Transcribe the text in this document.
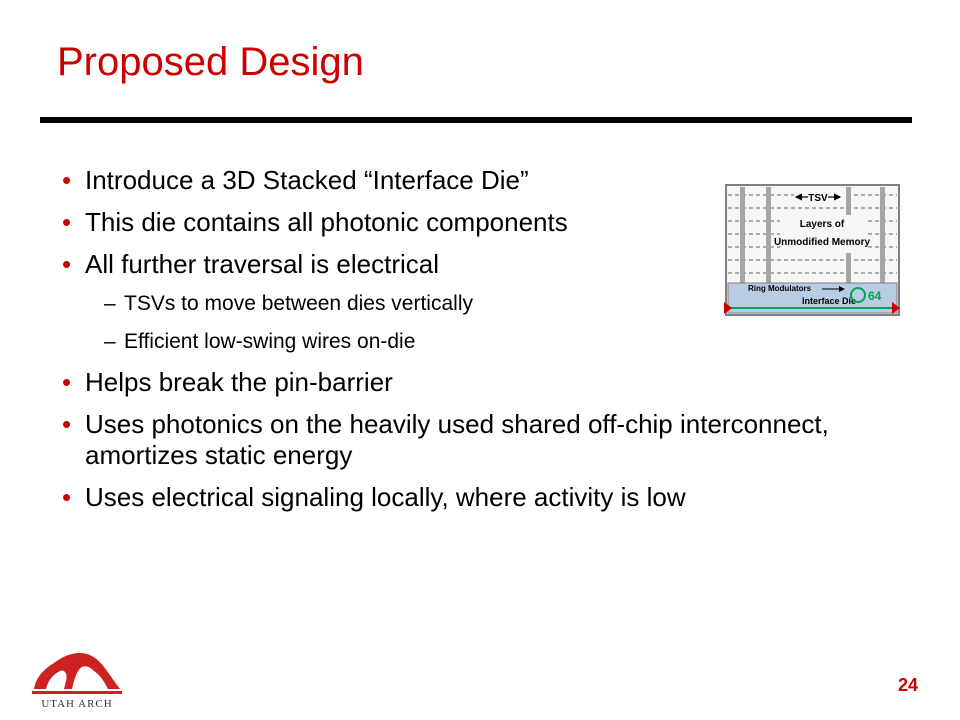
Proposed Design
• Introduce a 3D Stacked “Interface Die”
• This die contains all photonic components
• All further traversal is electrical
– TSVs to move between dies vertically
– Efficient low-swing wires on-die
• Helps break the pin-barrier
• Uses photonics on the heavily used shared off-chip interconnect, amortizes static energy
• Uses electrical signaling locally, where activity is low
TSV
Layers of
Unmodified Memory
Ring Modulators
Interface Die 64
UTAH ARCH
24
